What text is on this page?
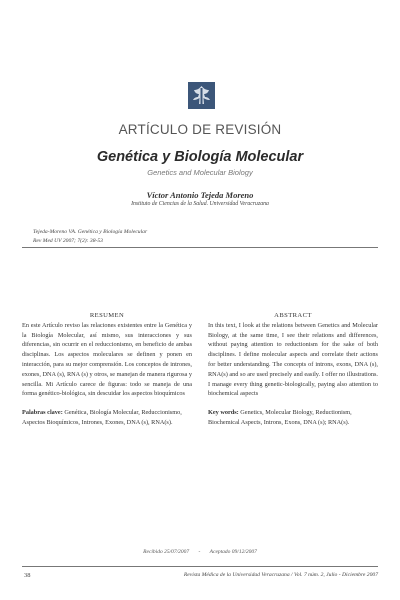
ARTÍCULO DE REVISIÓN
Genética y Biología Molecular
Genetics and Molecular Biology
Víctor Antonio Tejeda Moreno
Instituto de Ciencias de la Salud. Universidad Veracruzana
Tejeda-Moreno VA. Genética y Biología Molecular
Rev Med UV 2007; 7(2): 38-53
RESUMEN

En este Artículo reviso las relaciones existentes entre la Genética y la Biología Molecular, así mismo, sus interacciones y sus diferencias, sin ocurrir en el reduccionismo, en beneficio de ambas disciplinas. Los aspectos moleculares se definen y ponen en interacción, para su mejor comprensión. Los conceptos de intrones, exones, DNA (s), RNA (s) y otros, se manejan de manera rigurosa y sencilla. Mi Artículo carece de figuras: todo se maneja de una forma genético-biológica, sin descuidar los aspectos bioquímicos

Palabras clave: Genética, Biología Molecular, Reduccionismo, Aspectos Bioquímicos, Intrones, Exones, DNA (s), RNA(s).
ABSTRACT

In this text, I look at the relations between Genetics and Molecular Biology, at the same time, I see their relations and differences, without paying attention to reductionism for the sake of both disciplines. I define molecular aspects and correlate their actions for better understanding. The concepts of introns, exons, DNA (s), RNA(s) and so are used precisely and easily. I offer no illustrations. I manage every thing genetic-biologically, paying also attention to biochemical aspects

Key words: Genetics, Molecular Biology, Reductionism, Biochemical Aspects, Introns, Exons, DNA (s); RNA(s).
Recibido 25/07/2007 - Aceptado 09/12/2007
38	Revista Médica de la Universidad Veracruzana / Vol. 7 núm. 2, Julio - Diciembre 2007
